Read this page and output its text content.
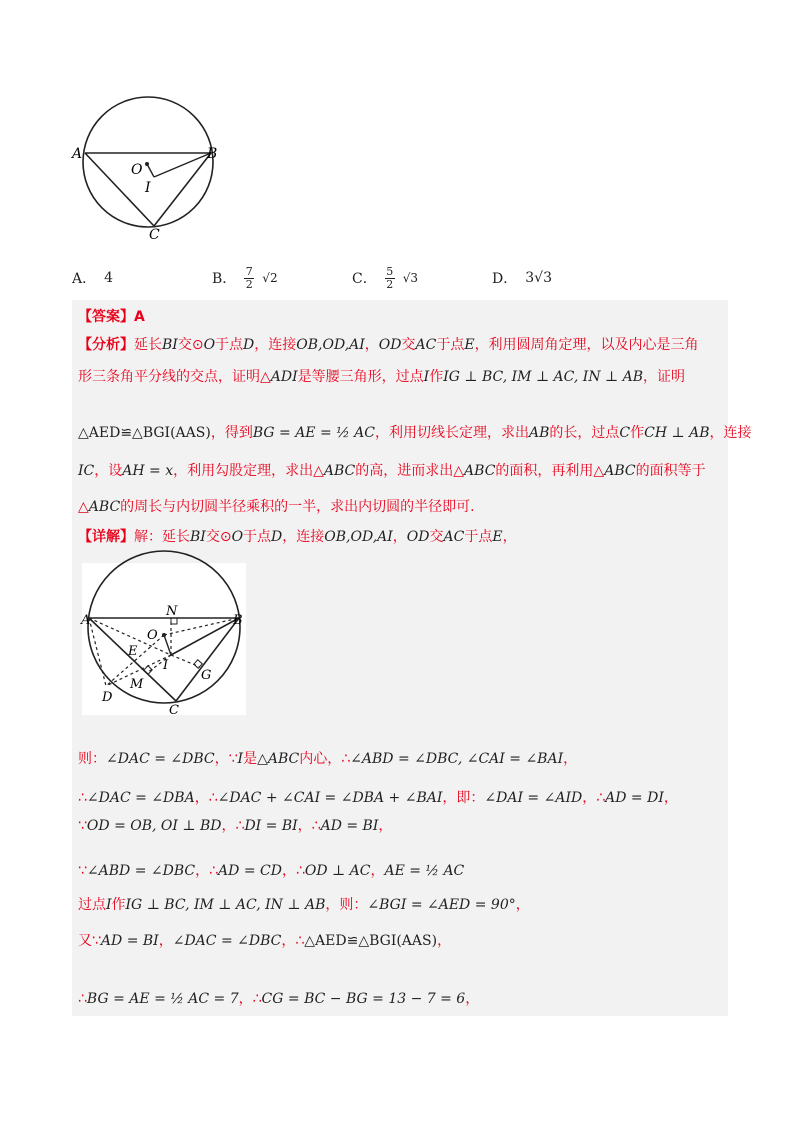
A	B
C
O
I
A． 4	B． $\frac{7}{2} √2$	C． $\frac{5}{2} √3$	D． 3√3
【答案】A
【分析】延长BI交⊙O于点D，连接OB,OD,AI，OD交AC于点E，利用圆周角定理，以及内心是三角
形三条角平分线的交点，证明△ADI是等腰三角形，过点I作IG ⊥ BC, IM ⊥ AC, IN ⊥ AB，证明
△AED≌△BGI(AAS)，得到BG = AE = ½ AC，利用切线长定理，求出AB的长，过点C作CH ⊥ AB，连接
IC，设AH = x，利用勾股定理，求出△ABC的高，进而求出△ABC的面积，再利用△ABC的面积等于
△ABC的周长与内切圆半径乘积的一半，求出内切圆的半径即可.
【详解】解：延长BI交⊙O于点D，连接OB,OD,AI，OD交AC于点E，
A	B
C
D
E
M
N
O
I
G
则：∠DAC = ∠DBC，∵I是△ABC内心，∴∠ABD = ∠DBC, ∠CAI = ∠BAI，
∴∠DAC = ∠DBA，∴∠DAC + ∠CAI = ∠DBA + ∠BAI，即：∠DAI = ∠AID，∴AD = DI，
∵OD = OB, OI ⊥ BD，∴DI = BI，∴AD = BI，
∵∠ABD = ∠DBC，∴AD = CD，∴OD ⊥ AC，AE = ½ AC
过点I作IG ⊥ BC, IM ⊥ AC, IN ⊥ AB，则：∠BGI = ∠AED = 90°，
又∵AD = BI，∠DAC = ∠DBC，∴△AED≌△BGI(AAS)，
∴BG = AE = ½ AC = 7，∴CG = BC − BG = 13 − 7 = 6，
